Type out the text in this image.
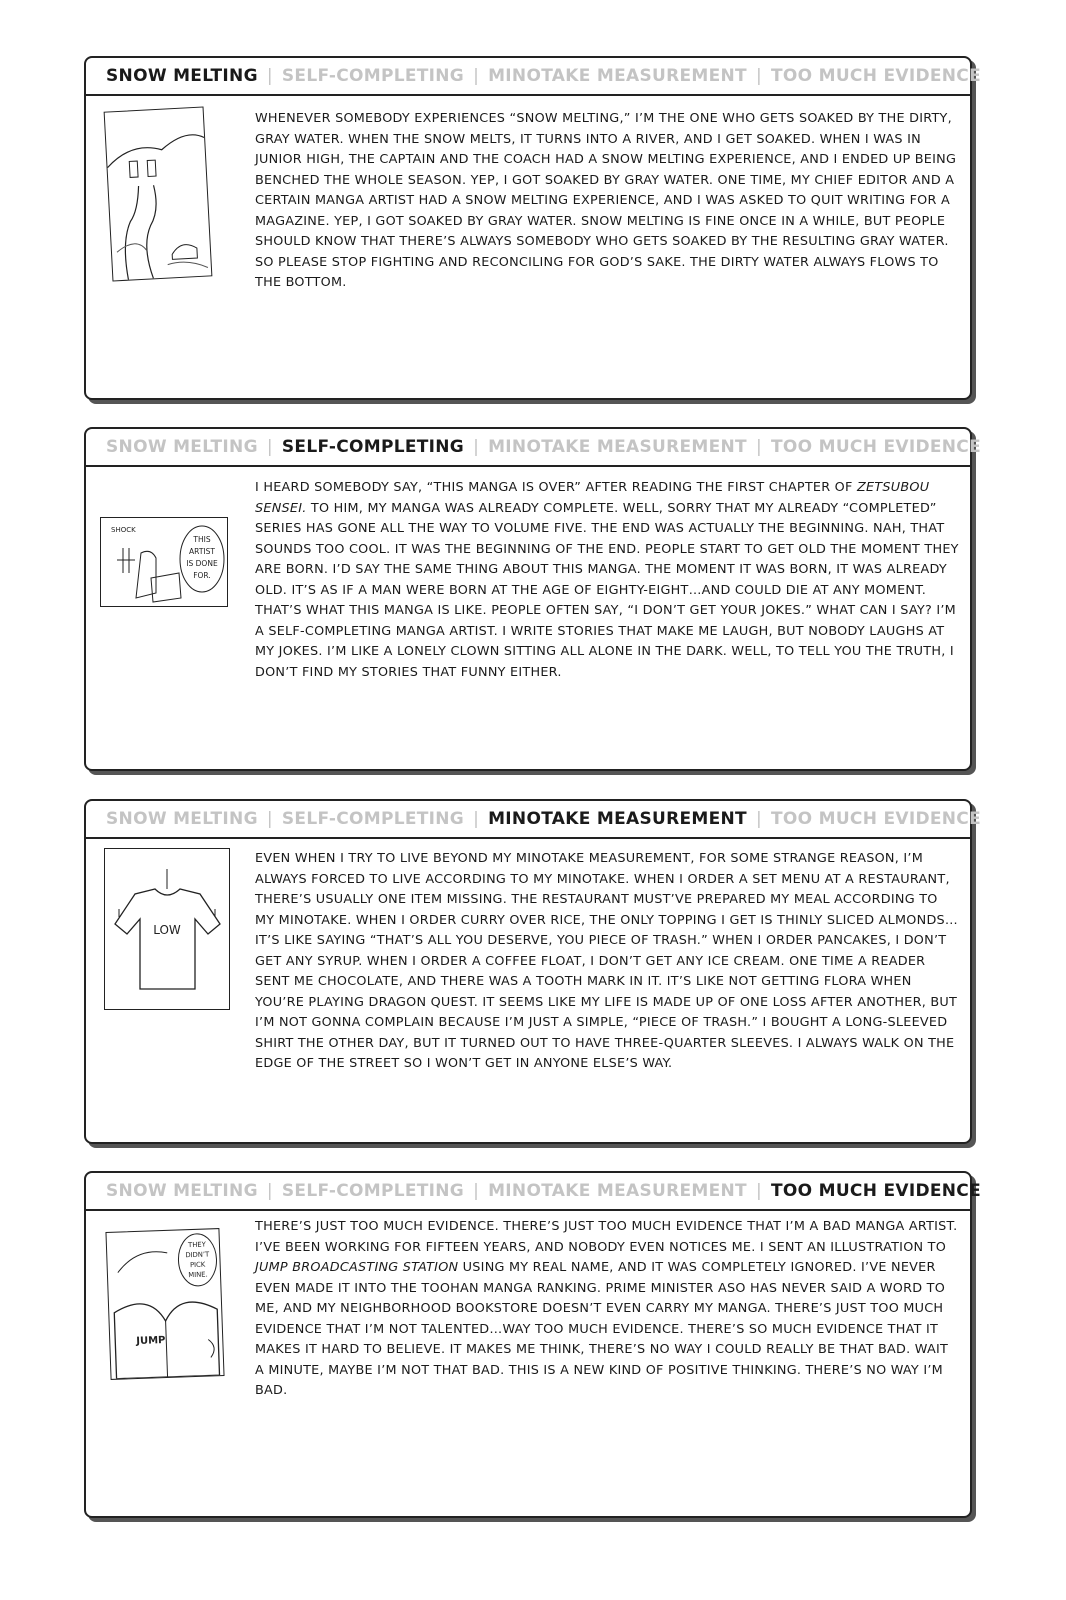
SNOW MELTING | SELF-COMPLETING | MINOTAKE MEASUREMENT | TOO MUCH EVIDENCE

WHENEVER SOMEBODY EXPERIENCES “SNOW MELTING,” I’M THE ONE WHO GETS SOAKED BY THE DIRTY, GRAY WATER. WHEN THE SNOW MELTS, IT TURNS INTO A RIVER, AND I GET SOAKED. WHEN I WAS IN JUNIOR HIGH, THE CAPTAIN AND THE COACH HAD A SNOW MELTING EXPERIENCE, AND I ENDED UP BEING BENCHED THE WHOLE SEASON. YEP, I GOT SOAKED BY GRAY WATER. ONE TIME, MY CHIEF EDITOR AND A CERTAIN MANGA ARTIST HAD A SNOW MELTING EXPERIENCE, AND I WAS ASKED TO QUIT WRITING FOR A MAGAZINE. YEP, I GOT SOAKED BY GRAY WATER. SNOW MELTING IS FINE ONCE IN A WHILE, BUT PEOPLE SHOULD KNOW THAT THERE’S ALWAYS SOMEBODY WHO GETS SOAKED BY THE RESULTING GRAY WATER. SO PLEASE STOP FIGHTING AND RECONCILING FOR GOD’S SAKE. THE DIRTY WATER ALWAYS FLOWS TO THE BOTTOM.

SNOW MELTING | SELF-COMPLETING | MINOTAKE MEASUREMENT | TOO MUCH EVIDENCE
SHOCK
THIS
ARTIST
IS DONE
FOR.

I HEARD SOMEBODY SAY, “THIS MANGA IS OVER” AFTER READING THE FIRST CHAPTER OF ZETSUBOU SENSEI. TO HIM, MY MANGA WAS ALREADY COMPLETE. WELL, SORRY THAT MY ALREADY “COMPLETED” SERIES HAS GONE ALL THE WAY TO VOLUME FIVE. THE END WAS ACTUALLY THE BEGINNING. NAH, THAT SOUNDS TOO COOL. IT WAS THE BEGINNING OF THE END. PEOPLE START TO GET OLD THE MOMENT THEY ARE BORN. I’D SAY THE SAME THING ABOUT THIS MANGA. THE MOMENT IT WAS BORN, IT WAS ALREADY OLD. IT’S AS IF A MAN WERE BORN AT THE AGE OF EIGHTY-EIGHT…AND COULD DIE AT ANY MOMENT. THAT’S WHAT THIS MANGA IS LIKE. PEOPLE OFTEN SAY, “I DON’T GET YOUR JOKES.” WHAT CAN I SAY? I’M A SELF-COMPLETING MANGA ARTIST. I WRITE STORIES THAT MAKE ME LAUGH, BUT NOBODY LAUGHS AT MY JOKES. I’M LIKE A LONELY CLOWN SITTING ALL ALONE IN THE DARK. WELL, TO TELL YOU THE TRUTH, I DON’T FIND MY STORIES THAT FUNNY EITHER.

SNOW MELTING | SELF-COMPLETING | MINOTAKE MEASUREMENT | TOO MUCH EVIDENCE
LOW

EVEN WHEN I TRY TO LIVE BEYOND MY MINOTAKE MEASUREMENT, FOR SOME STRANGE REASON, I’M ALWAYS FORCED TO LIVE ACCORDING TO MY MINOTAKE. WHEN I ORDER A SET MENU AT A RESTAURANT, THERE’S USUALLY ONE ITEM MISSING. THE RESTAURANT MUST’VE PREPARED MY MEAL ACCORDING TO MY MINOTAKE. WHEN I ORDER CURRY OVER RICE, THE ONLY TOPPING I GET IS THINLY SLICED ALMONDS…IT’S LIKE SAYING “THAT’S ALL YOU DESERVE, YOU PIECE OF TRASH.” WHEN I ORDER PANCAKES, I DON’T GET ANY SYRUP. WHEN I ORDER A COFFEE FLOAT, I DON’T GET ANY ICE CREAM. ONE TIME A READER SENT ME CHOCOLATE, AND THERE WAS A TOOTH MARK IN IT. IT’S LIKE NOT GETTING FLORA WHEN YOU’RE PLAYING DRAGON QUEST. IT SEEMS LIKE MY LIFE IS MADE UP OF ONE LOSS AFTER ANOTHER, BUT I’M NOT GONNA COMPLAIN BECAUSE I’M JUST A SIMPLE, “PIECE OF TRASH.” I BOUGHT A LONG-SLEEVED SHIRT THE OTHER DAY, BUT IT TURNED OUT TO HAVE THREE-QUARTER SLEEVES. I ALWAYS WALK ON THE EDGE OF THE STREET SO I WON’T GET IN ANYONE ELSE’S WAY.

SNOW MELTING | SELF-COMPLETING | MINOTAKE MEASUREMENT | TOO MUCH EVIDENCE
JUMP
THEY
DIDN’T
PICK
MINE.

THERE’S JUST TOO MUCH EVIDENCE. THERE’S JUST TOO MUCH EVIDENCE THAT I’M A BAD MANGA ARTIST. I’VE BEEN WORKING FOR FIFTEEN YEARS, AND NOBODY EVEN NOTICES ME. I SENT AN ILLUSTRATION TO JUMP BROADCASTING STATION USING MY REAL NAME, AND IT WAS COMPLETELY IGNORED. I’VE NEVER EVEN MADE IT INTO THE TOOHAN MANGA RANKING. PRIME MINISTER ASO HAS NEVER SAID A WORD TO ME, AND MY NEIGHBORHOOD BOOKSTORE DOESN’T EVEN CARRY MY MANGA. THERE’S JUST TOO MUCH EVIDENCE THAT I’M NOT TALENTED…WAY TOO MUCH EVIDENCE. THERE’S SO MUCH EVIDENCE THAT IT MAKES IT HARD TO BELIEVE. IT MAKES ME THINK, THERE’S NO WAY I COULD REALLY BE THAT BAD. WAIT A MINUTE, MAYBE I’M NOT THAT BAD. THIS IS A NEW KIND OF POSITIVE THINKING. THERE’S NO WAY I’M BAD.
